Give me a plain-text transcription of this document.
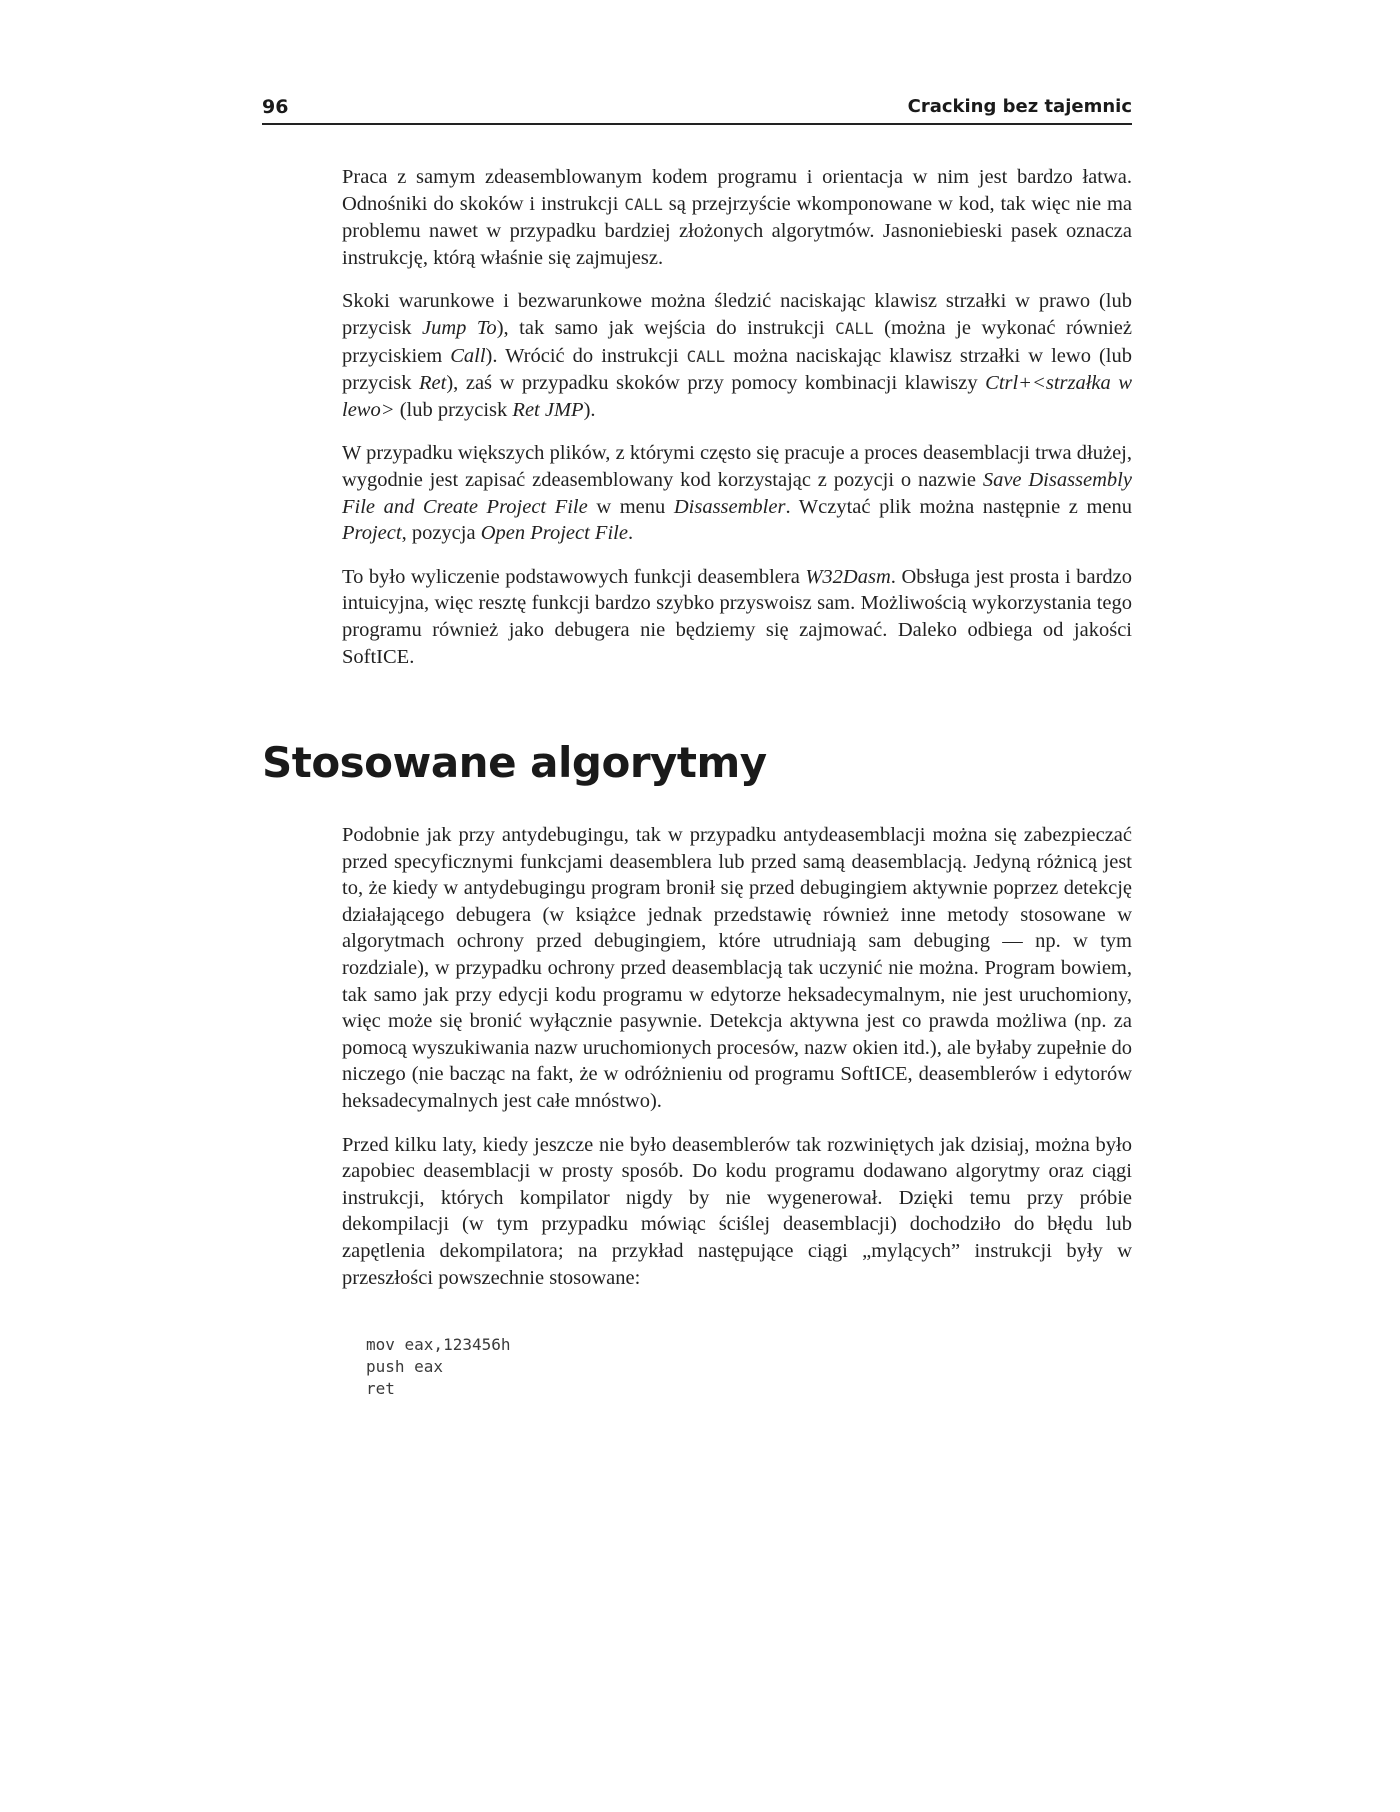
96	Cracking bez tajemnic

Praca z samym zdeasemblowanym kodem programu i orientacja w nim jest bardzo łatwa. Odnośniki do skoków i instrukcji CALL są przejrzyście wkomponowane w kod, tak więc nie ma problemu nawet w przypadku bardziej złożonych algorytmów. Jasnoniebieski pasek oznacza instrukcję, którą właśnie się zajmujesz.

Skoki warunkowe i bezwarunkowe można śledzić naciskając klawisz strzałki w prawo (lub przycisk Jump To), tak samo jak wejścia do instrukcji CALL (można je wykonać również przyciskiem Call). Wrócić do instrukcji CALL można naciskając klawisz strzałki w lewo (lub przycisk Ret), zaś w przypadku skoków przy pomocy kombinacji klawiszy Ctrl+<strzałka w lewo> (lub przycisk Ret JMP).

W przypadku większych plików, z którymi często się pracuje a proces deasemblacji trwa dłużej, wygodnie jest zapisać zdeasemblowany kod korzystając z pozycji o nazwie Save Disassembly File and Create Project File w menu Disassembler. Wczytać plik można następnie z menu Project, pozycja Open Project File.

To było wyliczenie podstawowych funkcji deasemblera W32Dasm. Obsługa jest prosta i bardzo intuicyjna, więc resztę funkcji bardzo szybko przyswoisz sam. Możliwością wykorzystania tego programu również jako debugera nie będziemy się zajmować. Daleko odbiega od jakości SoftICE.

Stosowane algorytmy

Podobnie jak przy antydebugingu, tak w przypadku antydeasemblacji można się zabezpieczać przed specyficznymi funkcjami deasemblera lub przed samą deasemblacją. Jedyną różnicą jest to, że kiedy w antydebugingu program bronił się przed debugingiem aktywnie poprzez detekcję działającego debugera (w książce jednak przedstawię również inne metody stosowane w algorytmach ochrony przed debugingiem, które utrudniają sam debuging — np. w tym rozdziale), w przypadku ochrony przed deasemblacją tak uczynić nie można. Program bowiem, tak samo jak przy edycji kodu programu w edytorze heksadecymalnym, nie jest uruchomiony, więc może się bronić wyłącznie pasywnie. Detekcja aktywna jest co prawda możliwa (np. za pomocą wyszukiwania nazw uruchomionych procesów, nazw okien itd.), ale byłaby zupełnie do niczego (nie bacząc na fakt, że w odróżnieniu od programu SoftICE, deasemblerów i edytorów heksadecymalnych jest całe mnóstwo).

Przed kilku laty, kiedy jeszcze nie było deasemblerów tak rozwiniętych jak dzisiaj, można było zapobiec deasemblacji w prosty sposób. Do kodu programu dodawano algorytmy oraz ciągi instrukcji, których kompilator nigdy by nie wygenerował. Dzięki temu przy próbie dekompilacji (w tym przypadku mówiąc ściślej deasemblacji) dochodziło do błędu lub zapętlenia dekompilatora; na przykład następujące ciągi „mylących” instrukcji były w przeszłości powszechnie stosowane:

mov eax,123456h
push eax
ret
